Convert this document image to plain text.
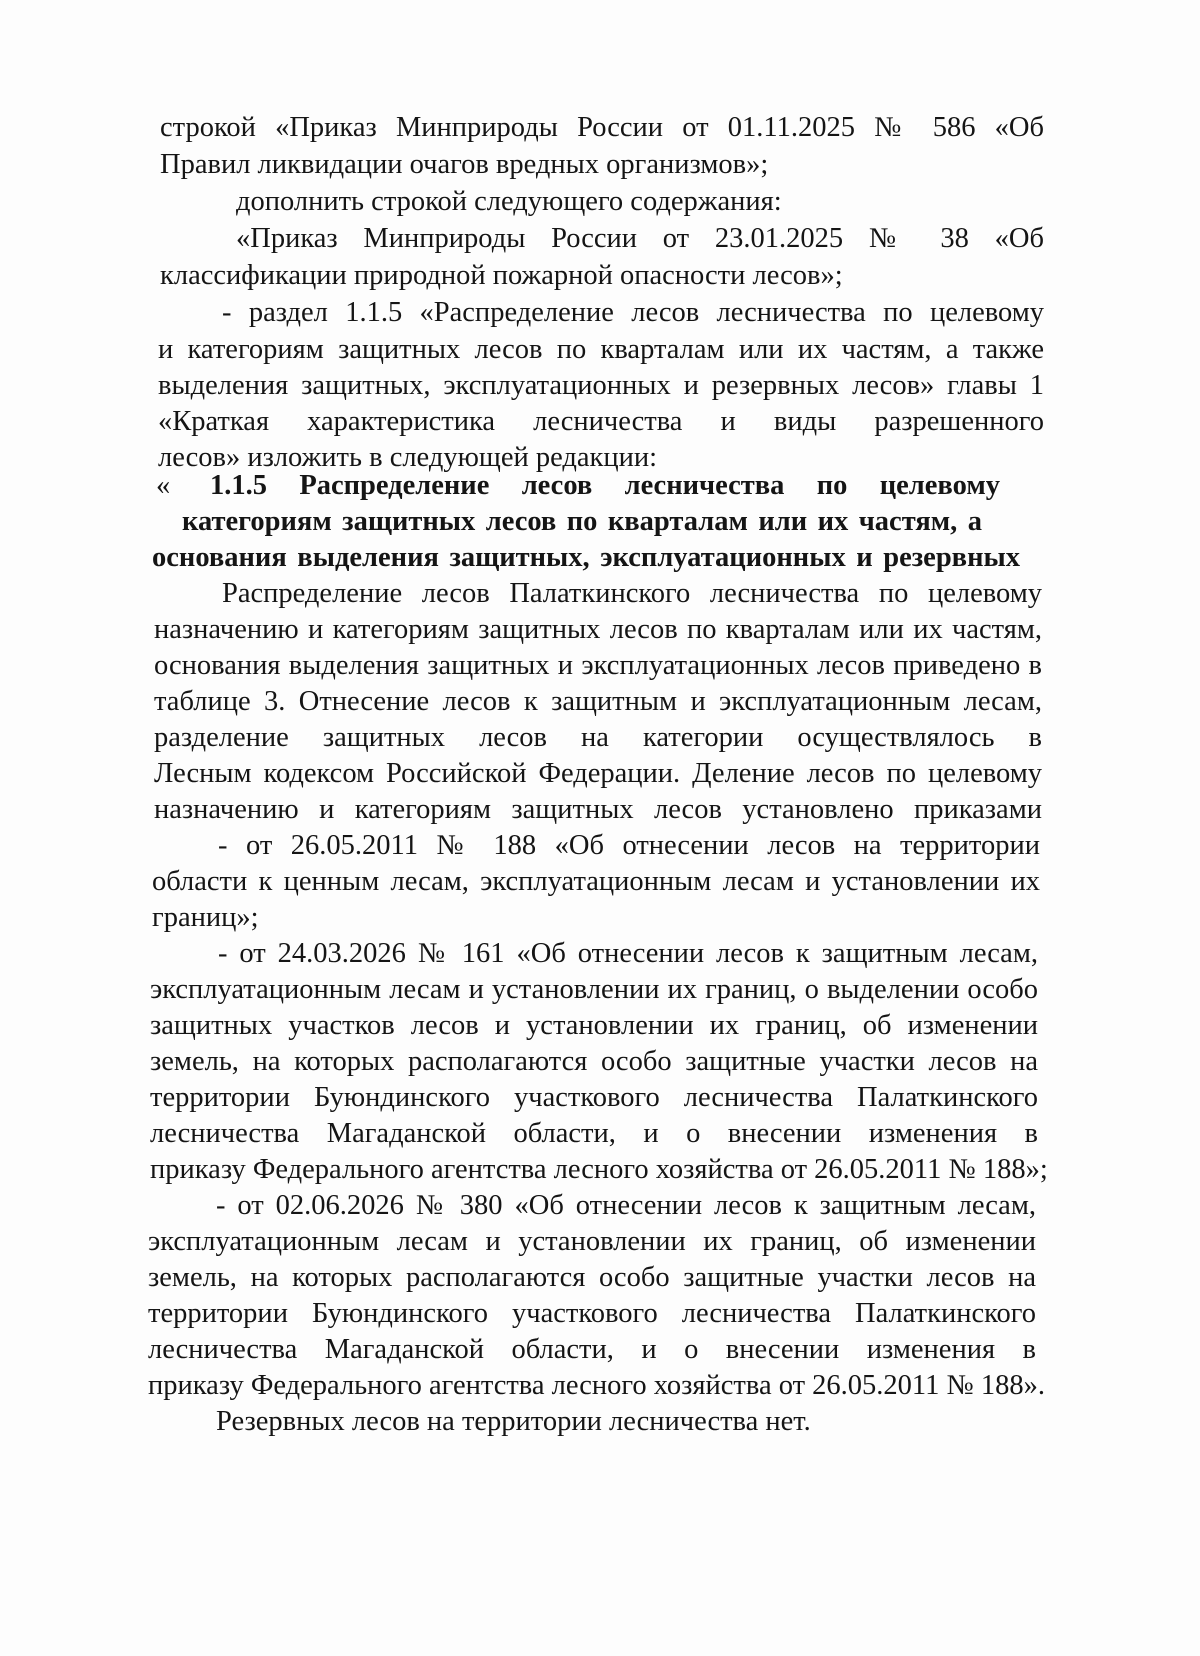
строкой «Приказ Минприроды России от 01.11.2025 № 586 «Об
Правил ликвидации очагов вредных организмов»;
дополнить строкой следующего содержания:
«Приказ Минприроды России от 23.01.2025 № 38 «Об
классификации природной пожарной опасности лесов»;
- раздел 1.1.5 «Распределение лесов лесничества по целевому
и категориям защитных лесов по кварталам или их частям, а также
выделения защитных, эксплуатационных и резервных лесов» главы 1
«Краткая характеристика лесничества и виды разрешенного
лесов» изложить в следующей редакции:
« 1.1.5 Распределение лесов лесничества по целевому
категориям защитных лесов по кварталам или их частям, а
основания выделения защитных, эксплуатационных и резервных
Распределение лесов Палаткинского лесничества по целевому
назначению и категориям защитных лесов по кварталам или их частям,
основания выделения защитных и эксплуатационных лесов приведено в
таблице 3. Отнесение лесов к защитным и эксплуатационным лесам,
разделение защитных лесов на категории осуществлялось в
Лесным кодексом Российской Федерации. Деление лесов по целевому
назначению и категориям защитных лесов установлено приказами
- от 26.05.2011 № 188 «Об отнесении лесов на территории
области к ценным лесам, эксплуатационным лесам и установлении их
границ»;
- от 24.03.2026 № 161 «Об отнесении лесов к защитным лесам,
эксплуатационным лесам и установлении их границ, о выделении особо
защитных участков лесов и установлении их границ, об изменении
земель, на которых располагаются особо защитные участки лесов на
территории Буюндинского участкового лесничества Палаткинского
лесничества Магаданской области, и о внесении изменения в
приказу Федерального агентства лесного хозяйства от 26.05.2011 № 188»;
- от 02.06.2026 № 380 «Об отнесении лесов к защитным лесам,
эксплуатационным лесам и установлении их границ, об изменении
земель, на которых располагаются особо защитные участки лесов на
территории Буюндинского участкового лесничества Палаткинского
лесничества Магаданской области, и о внесении изменения в
приказу Федерального агентства лесного хозяйства от 26.05.2011 № 188».
Резервных лесов на территории лесничества нет.
